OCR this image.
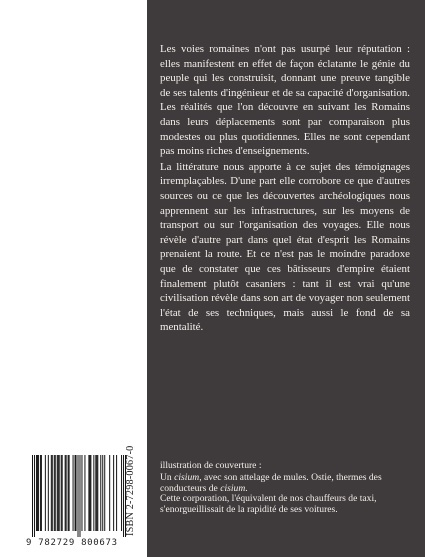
Les voies romaines n'ont pas usurpé leur réputation : elles manifestent en effet de façon éclatante le génie du peuple qui les construisit, donnant une preuve tangible de ses talents d'ingénieur et de sa capacité d'organisation. Les réalités que l'on découvre en suivant les Romains dans leurs déplacements sont par comparaison plus modestes ou plus quotidiennes. Elles ne sont cependant pas moins riches d'enseignements.

La littérature nous apporte à ce sujet des témoignages irremplaçables. D'une part elle corrobore ce que d'autres sources ou ce que les découvertes archéologiques nous apprennent sur les infrastructures, sur les moyens de transport ou sur l'organisation des voyages. Elle nous révèle d'autre part dans quel état d'esprit les Romains prenaient la route. Et ce n'est pas le moindre paradoxe que de constater que ces bâtisseurs d'empire étaient finalement plutôt casaniers : tant il est vrai qu'une civilisation révèle dans son art de voyager non seulement l'état de ses techniques, mais aussi le fond de sa mentalité.

illustration de couverture :
Un cisium, avec son attelage de mules. Ostie, thermes des conducteurs de cisium.
Cette corporation, l'équivalent de nos chauffeurs de taxi, s'enorgueillissait de la rapidité de ses voitures.
ISBN 2-7298-0067-0
9 782729 800673
